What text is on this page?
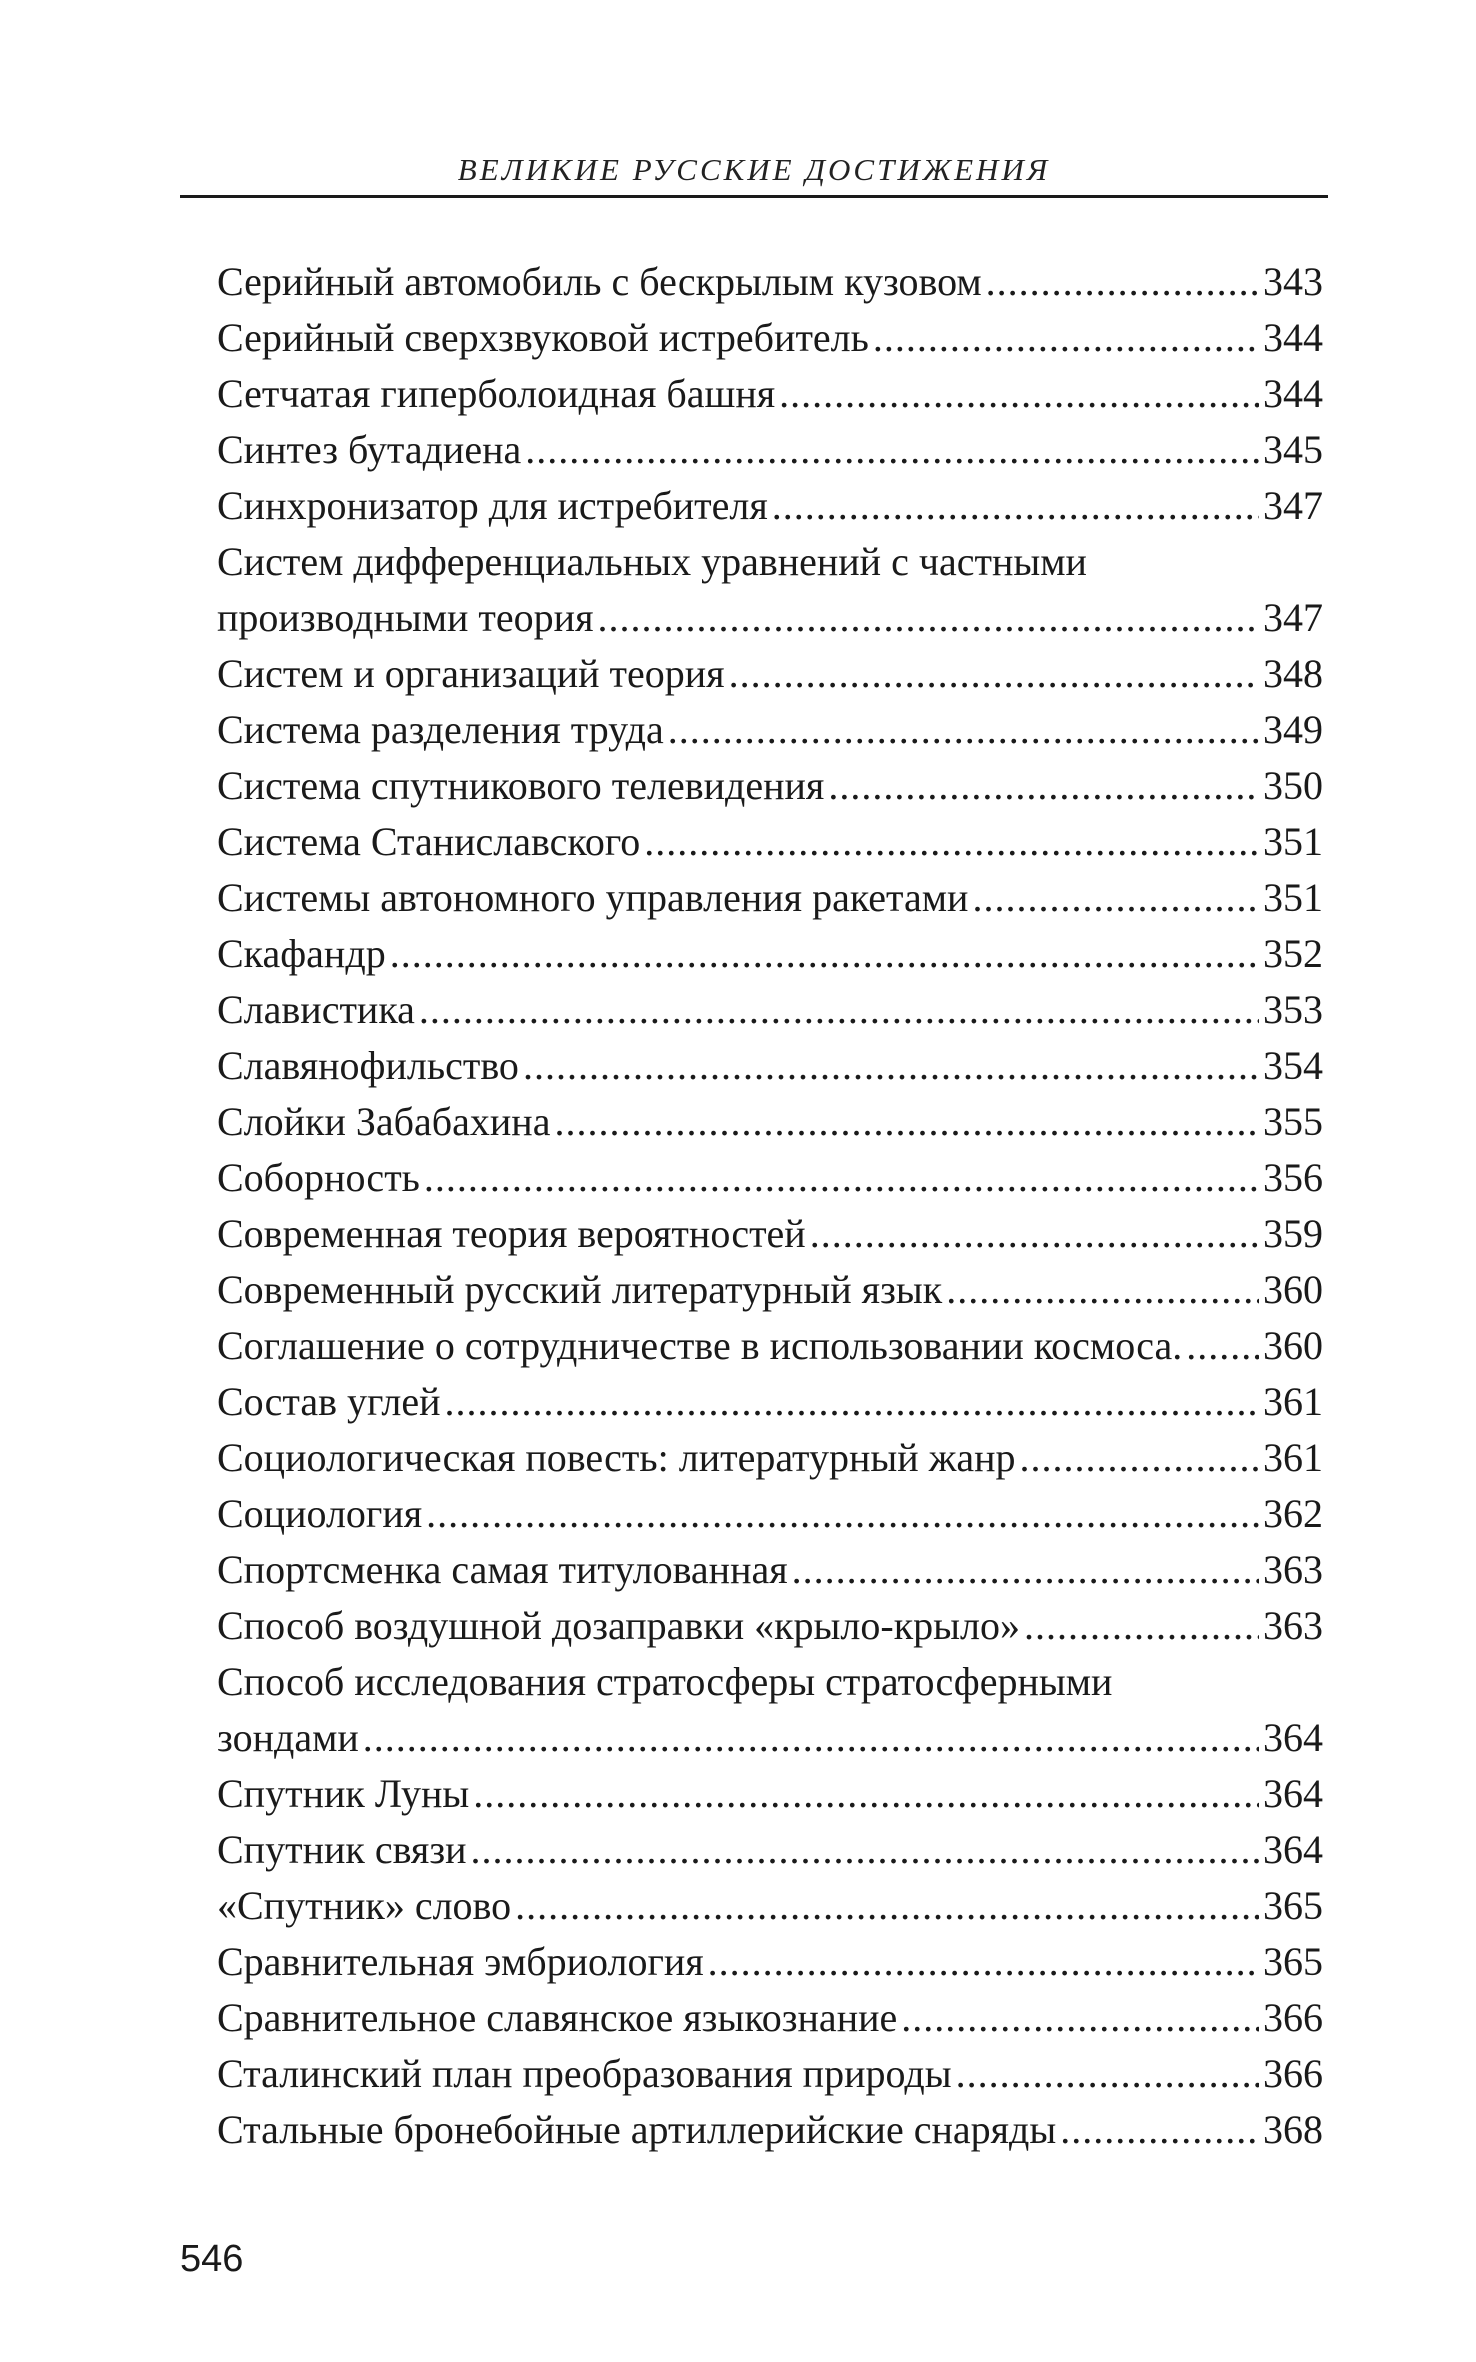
ВЕЛИКИЕ РУССКИЕ ДОСТИЖЕНИЯ
Серийный автомобиль с бескрылым кузовом .....	343
Серийный сверхзвуковой истребитель .....	344
Сетчатая гиперболоидная башня .....	344
Синтез бутадиена .....	345
Синхронизатор для истребителя .....	347
Систем дифференциальных уравнений с частными
производными теория .....	347
Систем и организаций теория .....	348
Система разделения труда .....	349
Система спутникового телевидения .....	350
Система Станиславского .....	351
Системы автономного управления ракетами .....	351
Скафандр .....	352
Славистика .....	353
Славянофильство .....	354
Слойки Забабахина .....	355
Соборность .....	356
Современная теория вероятностей .....	359
Современный русский литературный язык .....	360
Соглашение о сотрудничестве в использовании космоса. ..... 360
Состав углей .....	361
Социологическая повесть: литературный жанр .....	361
Социология .....	362
Спортсменка самая титулованная .....	363
Способ воздушной дозаправки «крыло-крыло» .....	363
Способ исследования стратосферы стратосферными
зондами .....	364
Спутник Луны .....	364
Спутник связи .....	364
«Спутник» слово .....	365
Сравнительная эмбриология .....	365
Сравнительное славянское языкознание .....	366
Сталинский план преобразования природы .....	366
Стальные бронебойные артиллерийские снаряды .....	368
546
